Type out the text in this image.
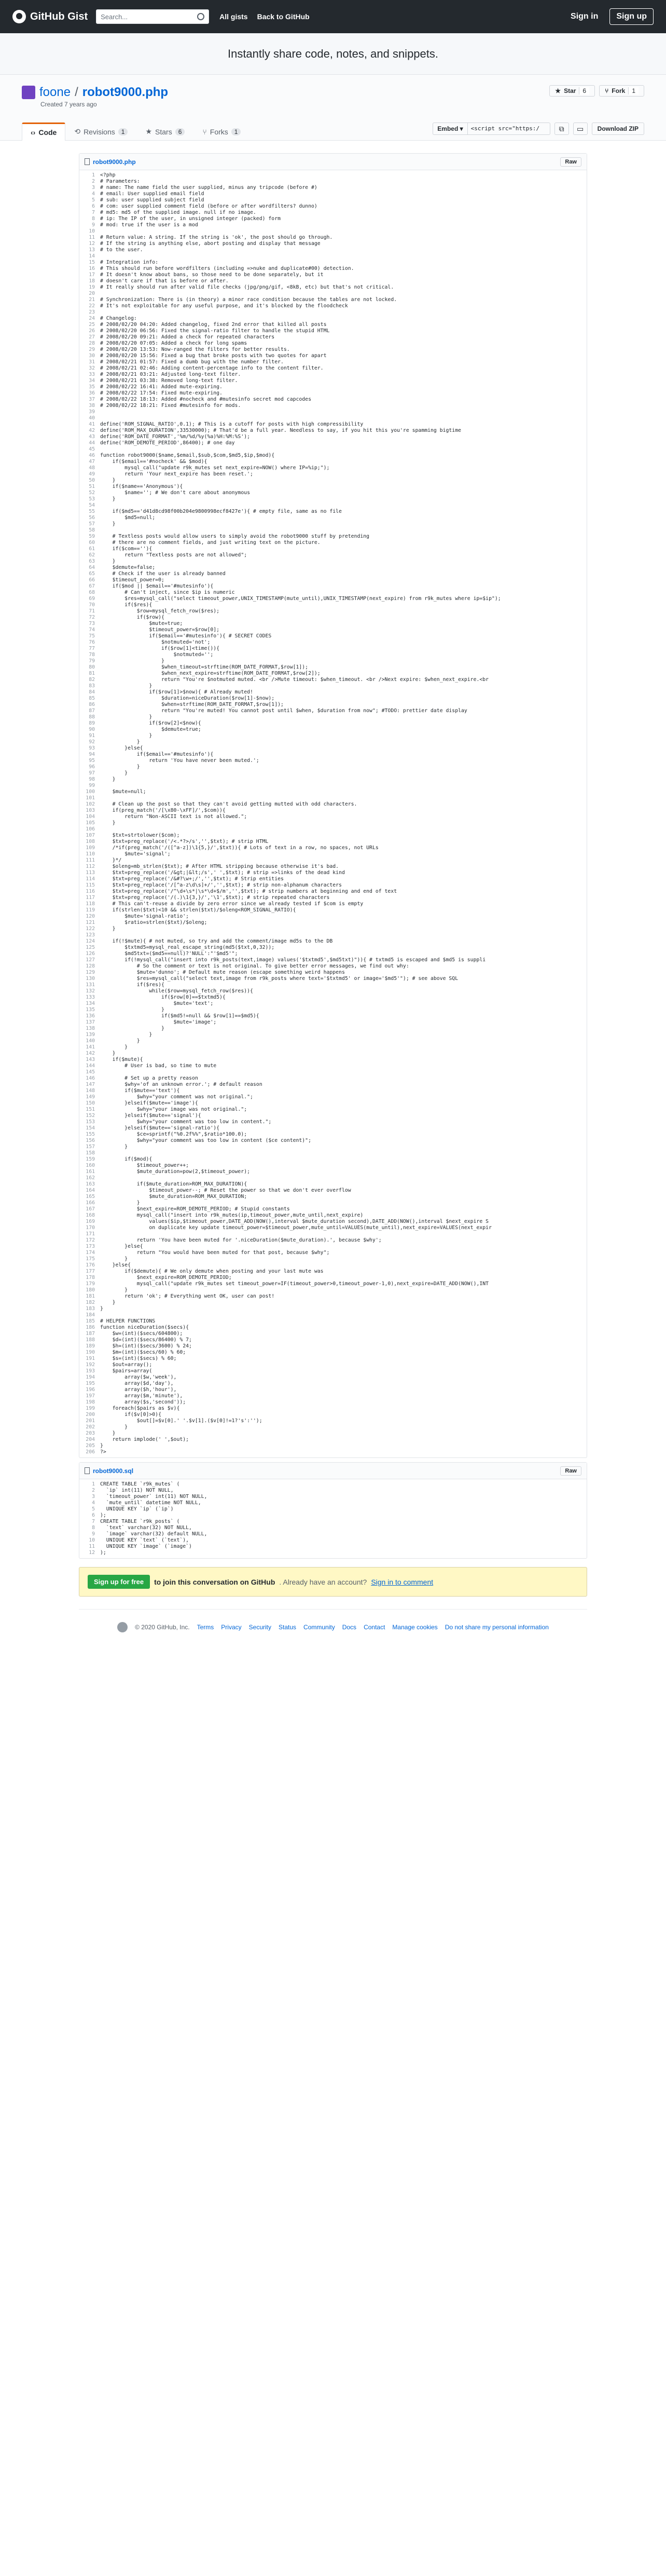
GitHub Gist Search...	All gists Back to GitHub	Sign in	Sign up
Instantly share code, notes, and snippets.
foone / robot9000.php
Created 7 years ago
★ Star	6	⑂ Fork	1
‹› Code ⟲ Revisions	1	★ Stars	6	⑂ Forks	1	Embed ▾	<script src="https:/	⧉ ▭	Download ZIP
robot9000.php	Raw
1	<?php
2	# Parameters:
3	# name: The name field the user supplied, minus any tripcode (before #)
4	# email: User supplied email field
5	# sub: user supplied subject field
6	# com: user supplied comment field (before or after wordfilters? dunno)
7	# md5: md5 of the supplied image. null if no image.
8	# ip: The IP of the user, in unsigned integer (packed) form
9	# mod: true if the user is a mod
10
11	# Return value: A string. If the string is 'ok', the post should go through.
12	# If the string is anything else, abort posting and display that message
13	# to the user.
14
15	# Integration info:
16	# This should run before wordfilters (including =>nuke and duplicate#00) detection.
17	# It doesn't know about bans, so those need to be done separately, but it
18	# doesn't care if that is before or after.
19	# It really should run after valid file checks (jpg/png/gif, <8kB, etc) but that's not critical.
20
21	# Synchronization: There is (in theory) a minor race condition because the tables are not locked.
22	# It's not exploitable for any useful purpose, and it's blocked by the floodcheck
23
24	# Changelog:
25	# 2008/02/20 04:20: Added changelog, fixed 2nd error that killed all posts
26	# 2008/02/20 06:56: Fixed the signal-ratio filter to handle the stupid HTML
27	# 2008/02/20 09:21: Added a check for repeated characters
28	# 2008/02/20 07:05: Added a check for long spams
29	# 2008/02/20 13:53: Now-ranged the filters for better results.
30	# 2008/02/20 15:56: Fixed a bug that broke posts with two quotes for apart
31	# 2008/02/21 01:57: Fixed a dumb bug with the number filter.
32	# 2008/02/21 02:46: Adding content-percentage info to the content filter.
33	# 2008/02/21 03:21: Adjusted long-text filter.
34	# 2008/02/21 03:38: Removed long-text filter.
35	# 2008/02/22 16:41: Added mute-expiring.
36	# 2008/02/22 17:54: Fixed mute-expiring.
37	# 2008/02/22 18:13: Added #nocheck and #mutesinfo secret mod capcodes
38	# 2008/02/22 18:21: Fixed #mutesinfo for mods.
39
40
41	define('ROM_SIGNAL_RATIO',0.1); # This is a cutoff for posts with high compressibility
42	define('ROM_MAX_DURATION',33530000); # That'd be a full year. Needless to say, if you hit this you're spamming bigtime
43	define('ROM_DATE_FORMAT','%m/%d/%y(%a)%H:%M:%S');
44	define('ROM_DEMOTE_PERIOD',86400); # one day
45
46	function robot9000($name,$email,$sub,$com,$md5,$ip,$mod){
47	if($email=='#nocheck' && $mod){
48	mysql_call("update r9k_mutes set next_expire=NOW() where IP=%ip;");
49	return 'Your next_expire has been reset.';
50	}
51	if($name=='Anonymous'){
52	$name=''; # We don't care about anonymous
53	}
54
55	if($md5=='d41d8cd98f00b204e9800998ecf8427e'){ # empty file, same as no file
56	$md5=null;
57	}
58
59	# Textless posts would allow users to simply avoid the robot9000 stuff by pretending
60	# there are no comment fields, and just writing text on the picture.
61	if($com==''){
62	return "Textless posts are not allowed";
63	}
64	$demute=false;
65	# Check if the user is already banned
66	$timeout_power=0;
67	if($mod || $email=='#mutesinfo'){
68	# Can't inject, since $ip is numeric
69	$res=mysql_call("select timeout_power,UNIX_TIMESTAMP(mute_until),UNIX_TIMESTAMP(next_expire) from r9k_mutes where ip=$ip");
70	if($res){
71	$row=mysql_fetch_row($res);
72	if($row){
73	$mute=true;
74	$timeout_power=$row[0];
75	if($email=='#mutesinfo'){ # SECRET CODES
76	$notmuted='not';
77	if($row[1]<time()){
78	$notmuted='';
79	}
80	$when_timeout=strftime(ROM_DATE_FORMAT,$row[1]);
81	$when_next_expire=strftime(ROM_DATE_FORMAT,$row[2]);
82	return "You're $notmuted muted. <br />Mute timeout: $when_timeout. <br />Next expire: $when_next_expire.<br
83	}
84	if($row[1]>$now){ # Already muted!
85	$duration=niceDuration($row[1]-$now);
86	$when=strftime(ROM_DATE_FORMAT,$row[1]);
87	return "You're muted! You cannot post until $when, $duration from now"; #TODO: prettier date display
88	}
89	if($row[2]<$now){
90	$demute=true;
91	}
92	}
93	}else{
94	if($email=='#mutesinfo'){
95	return 'You have never been muted.';
96	}
97	}
98	}
99
100	$mute=null;
101
102	# Clean up the post so that they can't avoid getting mutted with odd characters.
103	if(preg_match('/[\x80-\xFF]/',$com)){
104	return "Non-ASCII text is not allowed.";
105	}
106
107	$txt=strtolower($com);
108	$txt=preg_replace('/<.*?>/s','',$txt); # strip HTML
109	/*if(preg_match('/([^a-z])\1{5,}/',$txt)){ # Lots of text in a row, no spaces, not URLs
110	$mute='signal';
111	}*/
112	$oleng=mb_strlen($txt); # After HTML stripping because otherwise it's bad.
113	$txt=preg_replace('/&gt;|&lt;/s',' ',$txt); # strip =>links of the dead kind
114	$txt=preg_replace('/&#?\w+;/','',$txt); # Strip entities
115	$txt=preg_replace('/[^a-z\d\s]+/','',$txt); # strip non-alphanum characters
116	$txt=preg_replace('/^\d+\s*|\s*\d+$/m','',$txt); # strip numbers at beginning and end of text
117	$txt=preg_replace('/(.)\1{3,}/','\1',$txt); # strip repeated characters
118	# This can't-reuse a divide by zero error since we already tested if $com is empty
119	if(strlen($txt)<10 && strlen($txt)/$oleng<ROM_SIGNAL_RATIO){
120	$mute='signal-ratio';
121	$ratio=strlen($txt)/$oleng;
122	}
123
124	if(!$mute){ # not muted, so try and add the comment/image md5s to the DB
125	$txtmd5=mysql_real_escape_string(md5($txt,0,32));
126	$md5txt=($md5==null)?'NULL':"'$md5'";
127	if(!mysql_call("insert into r9k_posts(text,image) values('$txtmd5',$md5txt)")){ # txtmd5 is escaped and $md5 is suppli
128	# So the comment or text is not original. To give better error messages, we find out why:
129	$mute='dunno'; # Default mute reason (escape something weird happens
130	$res=mysql_call("select text,image from r9k_posts where text='$txtmd5' or image='$md5'"); # see above SQL
131	if($res){
132	while($row=mysql_fetch_row($res)){
133	if($row[0]==$txtmd5){
134	$mute='text';
135	}
136	if($md5!=null && $row[1]==$md5){
137	$mute='image';
138	}
139	}
140	}
141	}
142	}
143	if($mute){
144	# User is bad, so time to mute
145
146	# Set up a pretty reason
147	$why='of an unknown error.'; # default reason
148	if($mute=='text'){
149	$why="your comment was not original.";
150	}elseif($mute=='image'){
151	$why="your image was not original.";
152	}elseif($mute=='signal'){
153	$why="your comment was too low in content.";
154	}elseif($mute=='signal-ratio'){
155	$ce=sprintf("%0.2f%%",$ratio*100.0);
156	$why="your comment was too low in content ($ce content)";
157	}
158
159	if($mod){
160	$timeout_power++;
161	$mute_duration=pow(2,$timeout_power);
162
163	if($mute_duration>ROM_MAX_DURATION){
164	$timeout_power--; # Reset the power so that we don't ever overflow
165	$mute_duration=ROM_MAX_DURATION;
166	}
167	$next_expire=ROM_DEMOTE_PERIOD; # Stupid constants
168	mysql_call("insert into r9k_mutes(ip,timeout_power,mute_until,next_expire)
169	values($ip,$timeout_power,DATE_ADD(NOW(),interval $mute_duration second),DATE_ADD(NOW(),interval $next_expire S
170	on duplicate key update timeout_power=$timeout_power,mute_until=VALUES(mute_until),next_expire=VALUES(next_expir
171
172	return 'You have been muted for '.niceDuration($mute_duration).', because $why';
173	}else{
174	return "You would have been muted for that post, because $why";
175	}
176	}else{
177	if($demute){ # We only demute when posting and your last mute was
178	$next_expire=ROM_DEMOTE_PERIOD;
179	mysql_call("update r9k_mutes set timeout_power=IF(timeout_power>0,timeout_power-1,0),next_expire=DATE_ADD(NOW(),INT
180	}
181	return 'ok'; # Everything went OK, user can post!
182	}
183	}
184
185	# HELPER FUNCTIONS
186	function niceDuration($secs){
187	$w=(int)($secs/604800);
188	$d=(int)($secs/86400) % 7;
189	$h=(int)($secs/3600) % 24;
190	$m=(int)($secs/60) % 60;
191	$s=(int)($secs) % 60;
192	$out=array();
193	$pairs=array(
194	array($w,'week'),
195	array($d,'day'),
196	array($h,'hour'),
197	array($m,'minute'),
198	array($s,'second'));
199	foreach($pairs as $v){
200	if($v[0]>0){
201	$out[]=$v[0].' '.$v[1].($v[0]!=1?'s':'');
202	}
203	}
204	return implode(' ',$out);
205	}
206	?>
robot9000.sql	Raw
1	CREATE TABLE `r9k_mutes` (
2	`ip` int(11) NOT NULL,
3	`timeout_power` int(11) NOT NULL,
4	`mute_until` datetime NOT NULL,
5	UNIQUE KEY `ip` (`ip`)
6	);
7	CREATE TABLE `r9k_posts` (
8	`text` varchar(32) NOT NULL,
9	`image` varchar(32) default NULL,
10	UNIQUE KEY `text` (`text`),
11	UNIQUE KEY `image` (`image`)
12	);
Sign up for free	to join this conversation on GitHub . Already have an account? Sign in to comment
© 2020 GitHub, Inc. Terms Privacy Security Status Community Docs Contact Manage cookies Do not share my personal information
